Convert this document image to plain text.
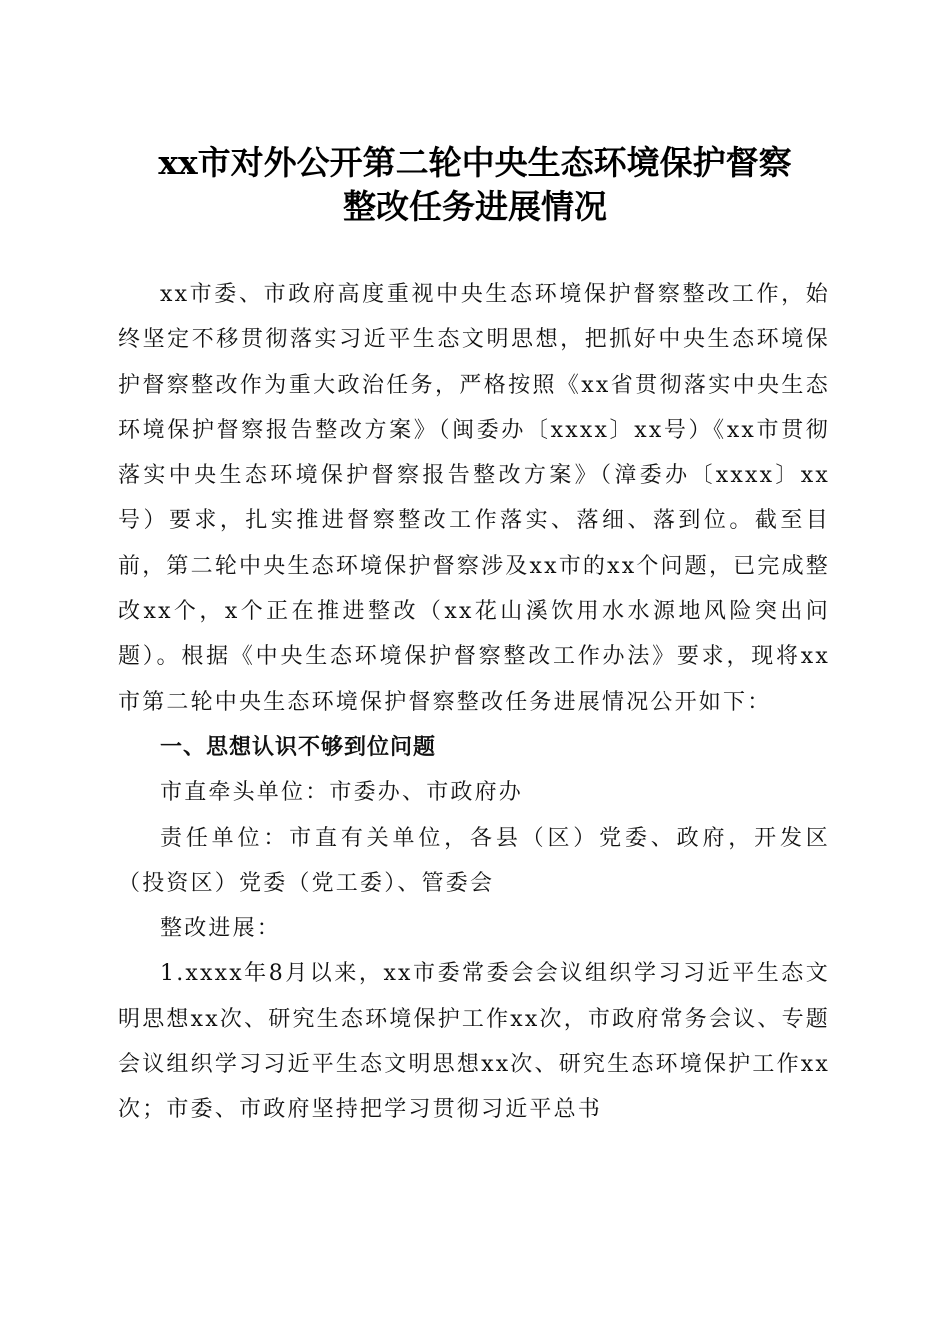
xx市对外公开第二轮中央生态环境保护督察
整改任务进展情况

xx市委、市政府高度重视中央生态环境保护督察整改工作，始终坚定不移贯彻落实习近平生态文明思想，把抓好中央生态环境保护督察整改作为重大政治任务，严格按照《xx省贯彻落实中央生态环境保护督察报告整改方案》（闽委办〔xxxx〕xx号）《xx市贯彻落实中央生态环境保护督察报告整改方案》（漳委办〔xxxx〕xx号）要求，扎实推进督察整改工作落实、落细、落到位。截至目前，第二轮中央生态环境保护督察涉及xx市的xx个问题，已完成整改xx个，x个正在推进整改（xx花山溪饮用水水源地风险突出问题）。根据《中央生态环境保护督察整改工作办法》要求，现将xx市第二轮中央生态环境保护督察整改任务进展情况公开如下：

一、思想认识不够到位问题

市直牵头单位：市委办、市政府办

责任单位：市直有关单位，各县（区）党委、政府，开发区（投资区）党委（党工委）、管委会

整改进展：

1.xxxx年8月以来，xx市委常委会会议组织学习习近平生态文明思想xx次、研究生态环境保护工作xx次，市政府常务会议、专题会议组织学习习近平生态文明思想xx次、研究生态环境保护工作xx次；市委、市政府坚持把学习贯彻习近平总书
